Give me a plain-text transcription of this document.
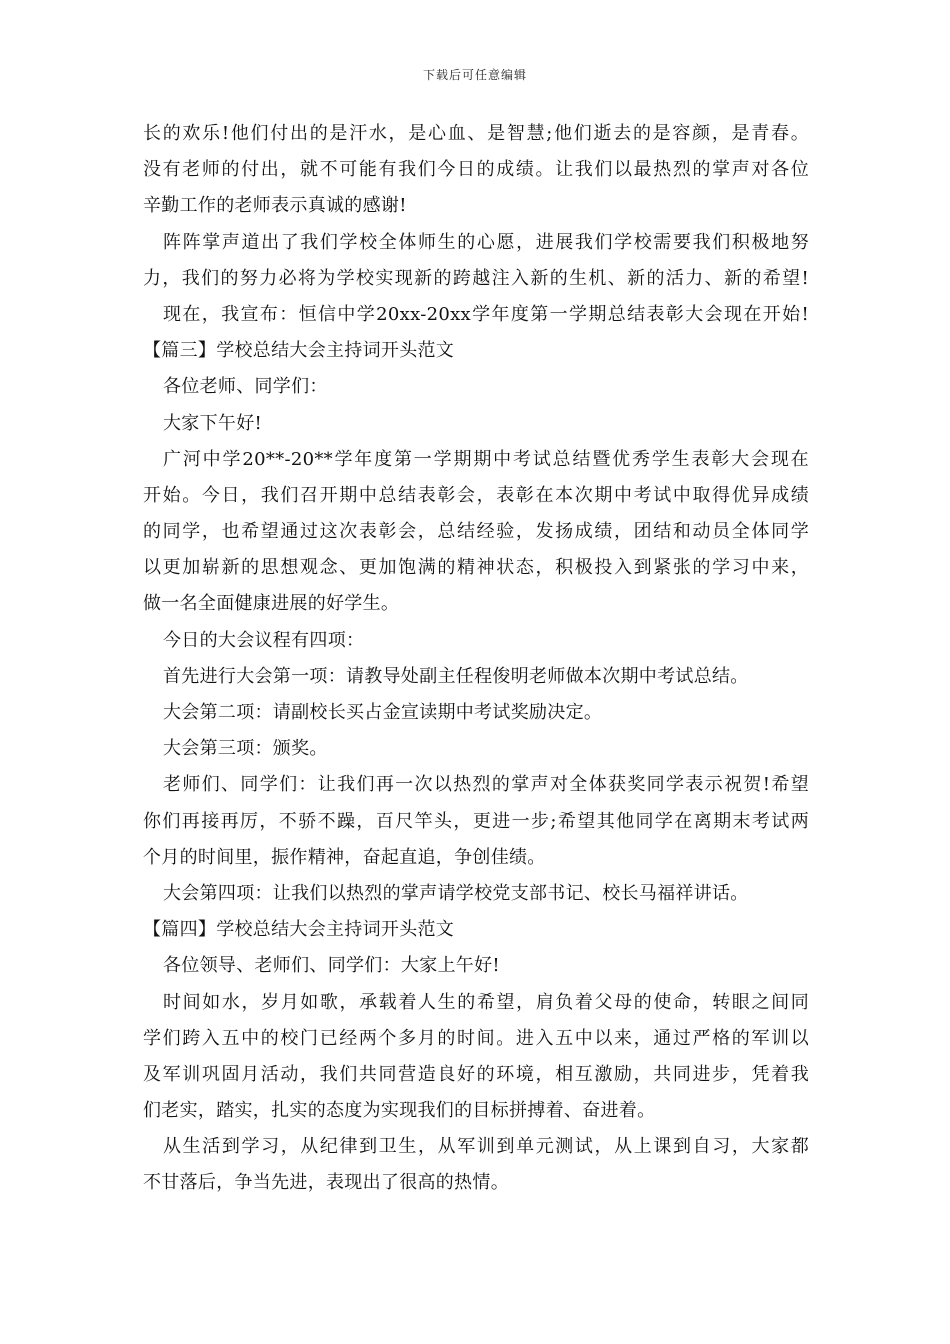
下载后可任意编辑
长的欢乐!他们付出的是汗水，是心血、是智慧;他们逝去的是容颜，是青春。
没有老师的付出，就不可能有我们今日的成绩。让我们以最热烈的掌声对各位
辛勤工作的老师表示真诚的感谢!
阵阵掌声道出了我们学校全体师生的心愿，进展我们学校需要我们积极地努
力，我们的努力必将为学校实现新的跨越注入新的生机、新的活力、新的希望!
现在，我宣布：恒信中学20xx-20xx学年度第一学期总结表彰大会现在开始!
【篇三】学校总结大会主持词开头范文
各位老师、同学们：
大家下午好!
广河中学20**-20**学年度第一学期期中考试总结暨优秀学生表彰大会现在
开始。今日，我们召开期中总结表彰会，表彰在本次期中考试中取得优异成绩
的同学，也希望通过这次表彰会，总结经验，发扬成绩，团结和动员全体同学
以更加崭新的思想观念、更加饱满的精神状态，积极投入到紧张的学习中来，
做一名全面健康进展的好学生。
今日的大会议程有四项：
首先进行大会第一项：请教导处副主任程俊明老师做本次期中考试总结。
大会第二项：请副校长买占金宣读期中考试奖励决定。
大会第三项：颁奖。
老师们、同学们：让我们再一次以热烈的掌声对全体获奖同学表示祝贺!希望
你们再接再厉，不骄不躁，百尺竿头，更进一步;希望其他同学在离期末考试两
个月的时间里，振作精神，奋起直追，争创佳绩。
大会第四项：让我们以热烈的掌声请学校党支部书记、校长马福祥讲话。
【篇四】学校总结大会主持词开头范文
各位领导、老师们、同学们：大家上午好!
时间如水，岁月如歌，承载着人生的希望，肩负着父母的使命，转眼之间同
学们跨入五中的校门已经两个多月的时间。进入五中以来，通过严格的军训以
及军训巩固月活动，我们共同营造良好的环境，相互激励，共同进步，凭着我
们老实，踏实，扎实的态度为实现我们的目标拼搏着、奋进着。
从生活到学习，从纪律到卫生，从军训到单元测试，从上课到自习，大家都
不甘落后，争当先进，表现出了很高的热情。
